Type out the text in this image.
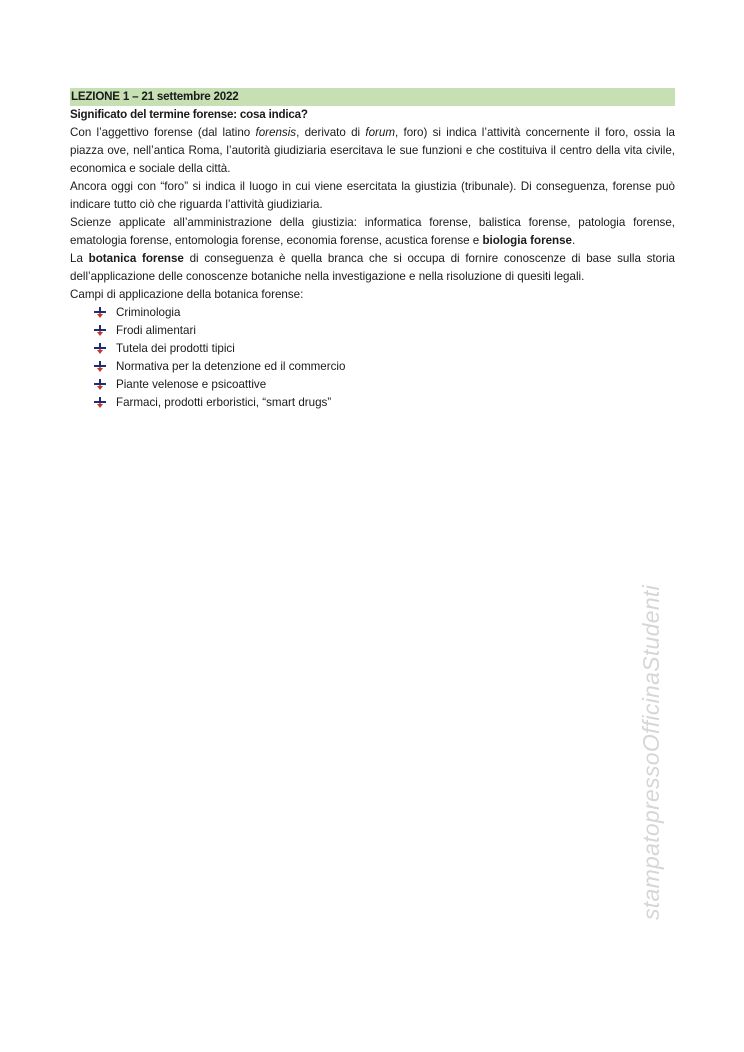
LEZIONE 1 – 21 settembre 2022
Significato del termine forense: cosa indica?

Con l’aggettivo forense (dal latino forensis, derivato di forum, foro) si indica l’attività concernente il foro, ossia la piazza ove, nell’antica Roma, l’autorità giudiziaria esercitava le sue funzioni e che costituiva il centro della vita civile, economica e sociale della città.

Ancora oggi con “foro” si indica il luogo in cui viene esercitata la giustizia (tribunale). Di conseguenza, forense può indicare tutto ciò che riguarda l’attività giudiziaria.

Scienze applicate all’amministrazione della giustizia: informatica forense, balistica forense, patologia forense, ematologia forense, entomologia forense, economia forense, acustica forense e biologia forense.

La botanica forense di conseguenza è quella branca che si occupa di fornire conoscenze di base sulla storia dell’applicazione delle conoscenze botaniche nella investigazione e nella risoluzione di quesiti legali.

Campi di applicazione della botanica forense:

Criminologia
Frodi alimentari
Tutela dei prodotti tipici
Normativa per la detenzione ed il commercio
Piante velenose e psicoattive
Farmaci, prodotti erboristici, “smart drugs”
stampatopressoOfficinaStudenti
